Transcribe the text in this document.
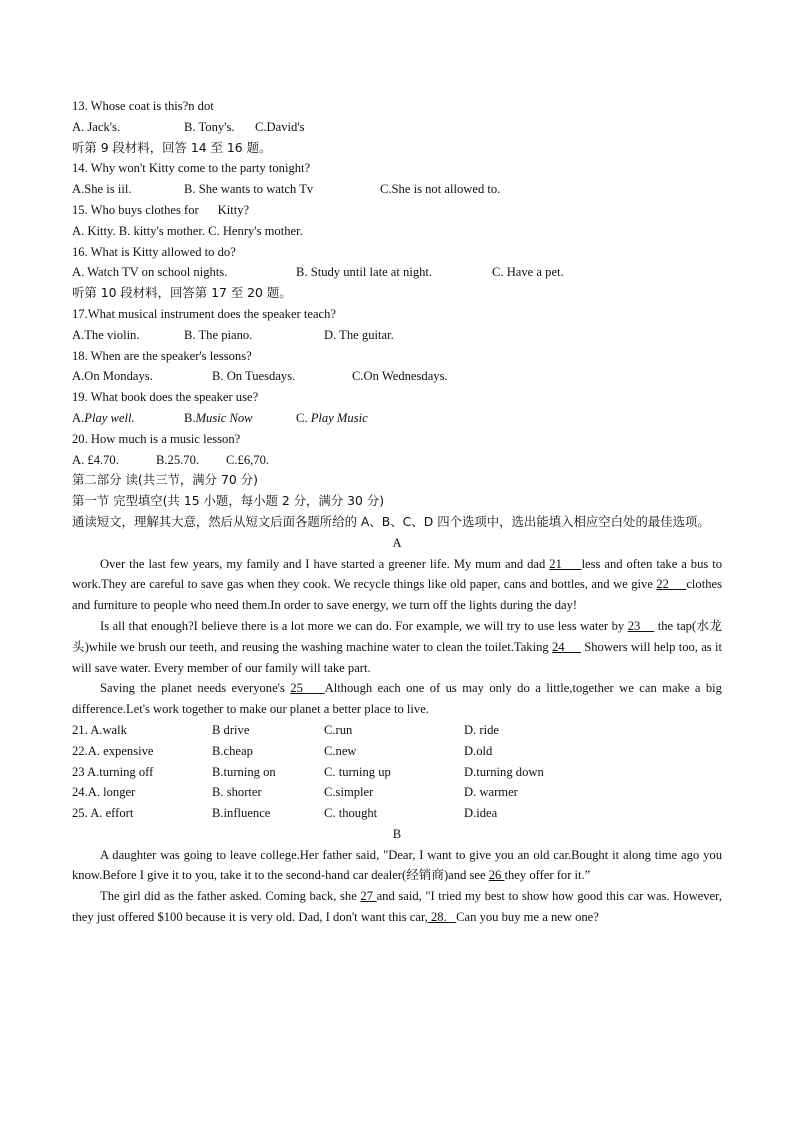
13. Whose coat is this?n dot
A. Jack's.	B. Tony's. C.David's
听第 9 段材料，回答 14 至 16 题。
14. Why won't Kitty come to the party tonight?
A.She is iil.	B. She wants to watch Tv	C.She is not allowed to.
15. Who buys clothes for      Kitty?
A. Kitty. B. kitty's mother. C. Henry's mother.
16. What is Kitty allowed to do?
A. Watch TV on school nights.	B. Study until late at night.	C. Have a pet.
听第 10 段材料，回答第 17 至 20 题。
17.What musical instrument does the speaker teach?
A.The violin.	B. The piano.	D. The guitar.
18. When are the speaker's lessons?
A.On Mondays.	B. On Tuesdays.	C.On Wednesdays.
19. What book does the speaker use?
A.Play well.	B.Music Now	C. Play Music
20. How much is a music lesson?
A. £4.70.	B.25.70. C.£6,70.
第二部分 读(共三节，满分 70 分)
第一节 完型填空(共 15 小题，每小题 2 分，满分 30 分)
通读短文，理解其大意，然后从短文后面各题所给的 A、B、C、D 四个选项中，选出能填入相应空白处的最佳选项。
A
Over the last few years, my family and I have started a greener life. My mum and dad 21     less and often take a bus to work.They are careful to save gas when they cook. We recycle things like old paper, cans and bottles, and we give 22     clothes and furniture to people who need them.In order to save energy, we turn off the lights during the day!
Is all that enough?I believe there is a lot more we can do. For example, we will try to use less water by 23     the tap(水龙头)while we brush our teeth, and reusing the washing machine water to clean the toilet.Taking 24      Showers will help too, as it will save water. Every member of our family will take part.
Saving the planet needs everyone's 25    Although each one of us may only do a little,together we can make a big difference.Let's work together to make our planet a better place to live.
21. A.walk	B drive	C.run	D. ride
22.A. expensive	B.cheap	C.new	D.old
23 A.turning off	B.turning on	C. turning up	D.turning down
24.A. longer	B. shorter	C.simpler	D. warmer
25. A. effort	B.influence	C. thought	D.idea
B
A daughter was going to leave college.Her father said, "Dear, I want to give you an old car.Bought it along time ago you know.Before I give it to you, take it to the second-hand car dealer(经销商)and see 26 they offer for it.”
The girl did as the father asked. Coming back, she 27 and said, "I tried my best to show how good this car was. However, they just offered $100 because it is very old. Dad, I don't want this car, 28.   Can you buy me a new one?
